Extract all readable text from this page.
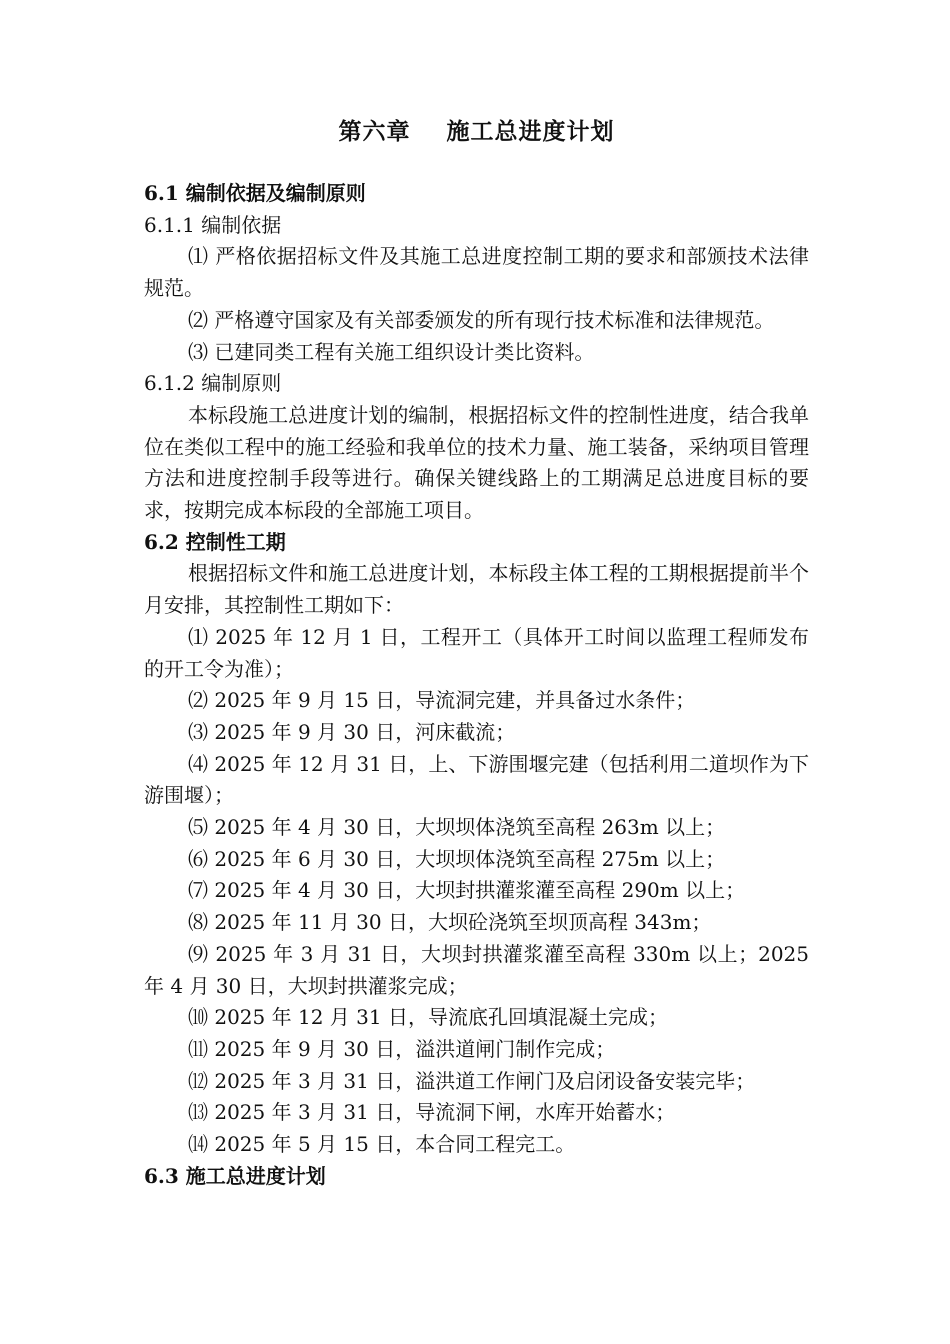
第六章 施工总进度计划

6.1 编制依据及编制原则

6.1.1 编制依据

⑴ 严格依据招标文件及其施工总进度控制工期的要求和部颁技术法律规范。

⑵ 严格遵守国家及有关部委颁发的所有现行技术标准和法律规范。

⑶ 已建同类工程有关施工组织设计类比资料。

6.1.2 编制原则

本标段施工总进度计划的编制，根据招标文件的控制性进度，结合我单位在类似工程中的施工经验和我单位的技术力量、施工装备，采纳项目管理方法和进度控制手段等进行。确保关键线路上的工期满足总进度目标的要求，按期完成本标段的全部施工项目。

6.2 控制性工期

根据招标文件和施工总进度计划，本标段主体工程的工期根据提前半个月安排，其控制性工期如下：

⑴ 2025 年 12 月 1 日，工程开工（具体开工时间以监理工程师发布的开工令为准）；

⑵ 2025 年 9 月 15 日，导流洞完建，并具备过水条件；

⑶ 2025 年 9 月 30 日，河床截流；

⑷ 2025 年 12 月 31 日，上、下游围堰完建（包括利用二道坝作为下游围堰）；

⑸ 2025 年 4 月 30 日，大坝坝体浇筑至高程 263m 以上；

⑹ 2025 年 6 月 30 日，大坝坝体浇筑至高程 275m 以上；

⑺ 2025 年 4 月 30 日，大坝封拱灌浆灌至高程 290m 以上；

⑻ 2025 年 11 月 30 日，大坝砼浇筑至坝顶高程 343m；

⑼ 2025 年 3 月 31 日，大坝封拱灌浆灌至高程 330m 以上；2025 年 4 月 30 日，大坝封拱灌浆完成；

⑽ 2025 年 12 月 31 日，导流底孔回填混凝土完成；

⑾ 2025 年 9 月 30 日，溢洪道闸门制作完成；

⑿ 2025 年 3 月 31 日，溢洪道工作闸门及启闭设备安装完毕；

⒀ 2025 年 3 月 31 日，导流洞下闸，水库开始蓄水；

⒁ 2025 年 5 月 15 日，本合同工程完工。

6.3 施工总进度计划
